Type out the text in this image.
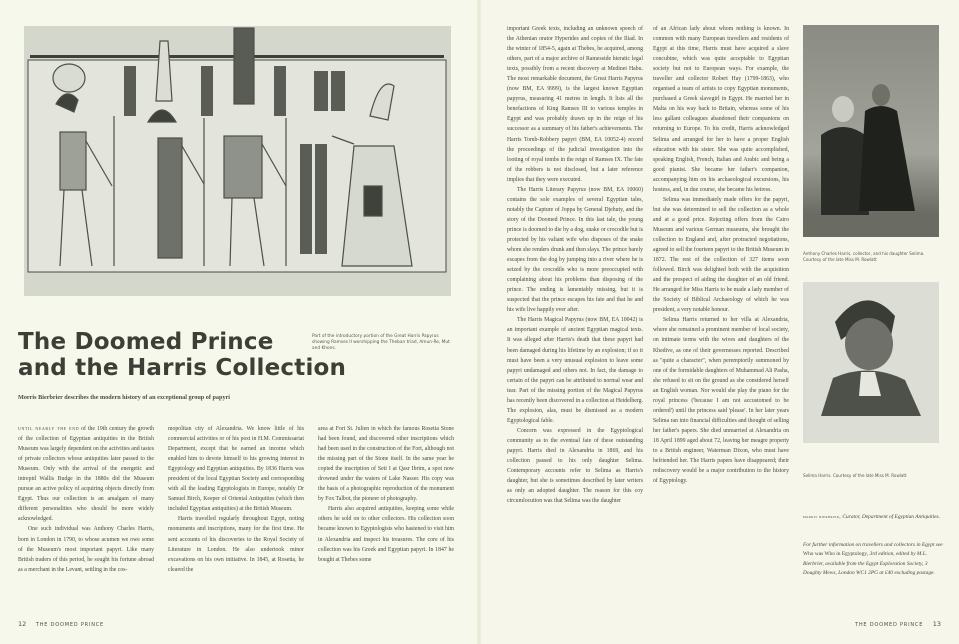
The Doomed Prince
and the Harris Collection
Part of the introductory portion of the Great Harris Papyrus showing Ramses II worshipping the Theban triad, Amun-Re, Mut and Khons.

Morris Bierbrier describes the modern history of an exceptional group of papyri

until nearly the end of the 19th century the growth of the collection of Egyptian antiquities in the British Museum was largely dependent on the activities and tastes of private collectors whose antiquities later passed to the Museum. Only with the arrival of the energetic and intrepid Wallis Budge in the 1880s did the Museum pursue an active policy of acquiring objects directly from Egypt. Thus our collection is an amalgam of many different personalities who should be more widely acknowledged.

One such individual was Anthony Charles Harris, born in London in 1790, to whose acumen we owe some of the Museum's most important papyri. Like many British traders of this period, he sought his fortune abroad as a merchant in the Levant, settling in the cos-

mopolitan city of Alexandria. We know little of his commercial activities or of his post in H.M. Commissariat Department, except that he earned an income which enabled him to devote himself to his growing interest in Egyptology and Egyptian antiquities. By 1836 Harris was president of the local Egyptian Society and corresponding with all the leading Egyptologists in Europe, notably Dr Samuel Birch, Keeper of Oriental Antiquities (which then included Egyptian antiquities) at the British Museum.

Harris travelled regularly throughout Egypt, noting monuments and inscriptions, many for the first time. He sent accounts of his discoveries to the Royal Society of Literature in London. He also undertook minor excavations on his own initiative. In 1845, at Rosetta, he cleared the

area at Fort St. Julien in which the famous Rosetta Stone had been found, and discovered other inscriptions which had been used in the construction of the Fort, although not the missing part of the Stone itself. In the same year he copied the inscription of Seti I at Qasr Ibrim, a spot now drowned under the waters of Lake Nasser. His copy was the basis of a photographic reproduction of the monument by Fox Talbot, the pioneer of photography.

Harris also acquired antiquities, keeping some while others he sold on to other collectors. His collection soon became known to Egyptologists who hastened to visit him in Alexandria and inspect his treasures. The core of his collection was his Greek and Egyptian papyri. In 1847 he bought at Thebes some

12 THE DOOMED PRINCE

important Greek texts, including an unknown speech of the Athenian orator Hyperides and copies of the Iliad. In the winter of 1854-5, again at Thebes, he acquired, among others, part of a major archive of Ramesside hieratic legal texts, possibly from a recent discovery at Medinet Habu. The most remarkable document, the Great Harris Papyrus (now BM, EA 9999), is the largest known Egyptian papyrus, measuring 41 metres in length. It lists all the benefactions of King Ramses III to various temples in Egypt and was probably drawn up in the reign of his successor as a summary of his father's achievements. The Harris Tomb-Robbery papyri (BM, EA 10052-4) record the proceedings of the judicial investigation into the looting of royal tombs in the reign of Ramses IX. The fate of the robbers is not disclosed, but a later reference implies that they were executed.

The Harris Literary Papyrus (now BM, EA 10060) contains the sole examples of several Egyptian tales, notably the Capture of Joppa by General Djehuty, and the story of the Doomed Prince. In this last tale, the young prince is doomed to die by a dog, snake or crocodile but is protected by his valiant wife who disposes of the snake whom she renders drunk and then slays. The prince barely escapes from the dog by jumping into a river where he is seized by the crocodile who is more preoccupied with complaining about his problems than disposing of the prince. The ending is lamentably missing, but it is suspected that the prince escapes his fate and that he and his wife live happily ever after.

The Harris Magical Papyrus (now BM, EA 10042) is an important example of ancient Egyptian magical texts. It was alleged after Harris's death that these papyri had been damaged during his lifetime by an explosion; if so it must have been a very unusual explosion to leave some papyri undamaged and others not. In fact, the damage to certain of the papyri can be attributed to normal wear and tear. Part of the missing portion of the Magical Papyrus has recently been discovered in a collection at Heidelberg. The explosion, alas, must be dismissed as a modern Egyptological fable.

Concern was expressed in the Egyptological community as to the eventual fate of these outstanding papyri. Harris died in Alexandria in 1869, and his collection passed to his only daughter Selima. Contemporary accounts refer to Selima as Harris's daughter, but she is sometimes described by later writers as only an adopted daughter. The reason for this coy circumlocution was that Selima was the daughter

of an African lady about whom nothing is known. In common with many European travellers and residents of Egypt at this time, Harris must have acquired a slave concubine, which was quite acceptable to Egyptian society but not to European ways. For example, the traveller and collector Robert Hay (1799-1863), who organised a team of artists to copy Egyptian monuments, purchased a Greek slavegirl in Egypt. He married her in Malta on his way back to Britain, whereas some of his less gallant colleagues abandoned their companions on returning to Europe. To his credit, Harris acknowledged Selima and arranged for her to have a proper English education with his sister. She was quite accomplished, speaking English, French, Italian and Arabic and being a good pianist. She became her father's companion, accompanying him on his archaeological excursions, his hostess, and, in due course, she became his heiress.

Selima was immediately made offers for the papyri, but she was determined to sell the collection as a whole and at a good price. Rejecting offers from the Cairo Museum and various German museums, she brought the collection to England and, after protracted negotiations, agreed to sell the fourteen papyri to the British Museum in 1872. The rest of the collection of 327 items soon followed. Birch was delighted both with the acquisition and the prospect of aiding the daughter of an old friend. He arranged for Miss Harris to be made a lady member of the Society of Biblical Archaeology of which he was president, a very notable honour.

Selima Harris returned to her villa at Alexandria, where she remained a prominent member of local society, on intimate terms with the wives and daughters of the Khedive, as one of their governesses reported. Described as "quite a character", when peremptorily summoned by one of the formidable daughters of Muhammad Ali Pasha, she refused to sit on the ground as she considered herself an English woman. Nor would she play the piano for the royal princess ('because I am not accustomed to be ordered') until the princess said 'please'. In her later years Selima ran into financial difficulties and thought of selling her father's papers. She died unmarried at Alexandria on 18 April 1899 aged about 72, leaving her meagre property to a British engineer, Waterman Dixon, who must have befriended her. The Harris papers have disappeared; their rediscovery would be a major contribution to the history of Egyptology.

Anthony Charles Harris, collector, and his daughter Selima. Courtesy of the late Miss M. Rowlatt
Selima Harris. Courtesy of the late Miss M. Rowlatt
morris bierbrier, Curator, Department of Egyptian Antiquities.
For further information on travellers and collectors in Egypt see Who was Who in Egyptology, 3rd edition, edited by M.L. Bierbrier, available from the Egypt Exploration Society, 3 Doughty Mews, London WC1 2PG at £40 excluding postage.
THE DOOMED PRINCE 13
